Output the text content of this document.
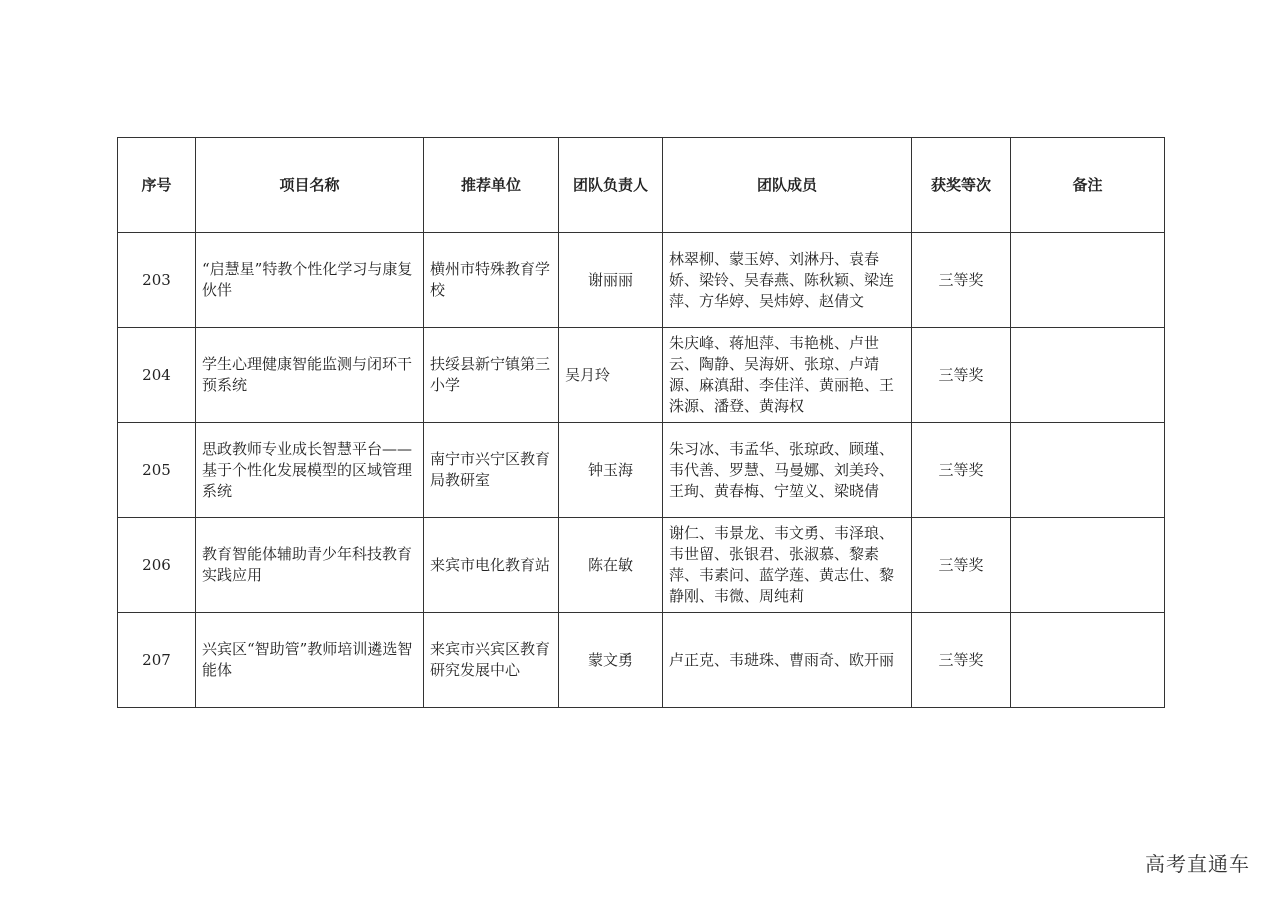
序号	项目名称	推荐单位	团队负责人	团队成员	获奖等次	备注
203	“启慧星”特教个性化学习与康复伙伴	横州市特殊教育学校	谢丽丽	林翠柳、蒙玉婷、刘淋丹、袁春娇、梁铃、吴春燕、陈秋颖、梁连萍、方华婷、吴炜婷、赵倩文	三等奖	
204	学生心理健康智能监测与闭环干预系统	扶绥县新宁镇第三小学	吴月玲	朱庆峰、蒋旭萍、韦艳桃、卢世云、陶静、吴海妍、张琼、卢靖源、麻滇甜、李佳洋、黄丽艳、王洙源、潘登、黄海权	三等奖	
205	思政教师专业成长智慧平台——基于个性化发展模型的区域管理系统	南宁市兴宁区教育局教研室	钟玉海	朱习冰、韦孟华、张琼政、顾瑾、韦代善、罗慧、马曼娜、刘美玲、王珣、黄春梅、宁堃义、梁晓倩	三等奖	
206	教育智能体辅助青少年科技教育实践应用	来宾市电化教育站	陈在敏	谢仁、韦景龙、韦文勇、韦泽琅、韦世留、张银君、张淑慕、黎素萍、韦素问、蓝学莲、黄志仕、黎静刚、韦微、周纯莉	三等奖	
207	兴宾区“智助管”教师培训遴选智能体	来宾市兴宾区教育研究发展中心	蒙文勇	卢正克、韦琎珠、曹雨奇、欧开丽	三等奖	
高考直通车
